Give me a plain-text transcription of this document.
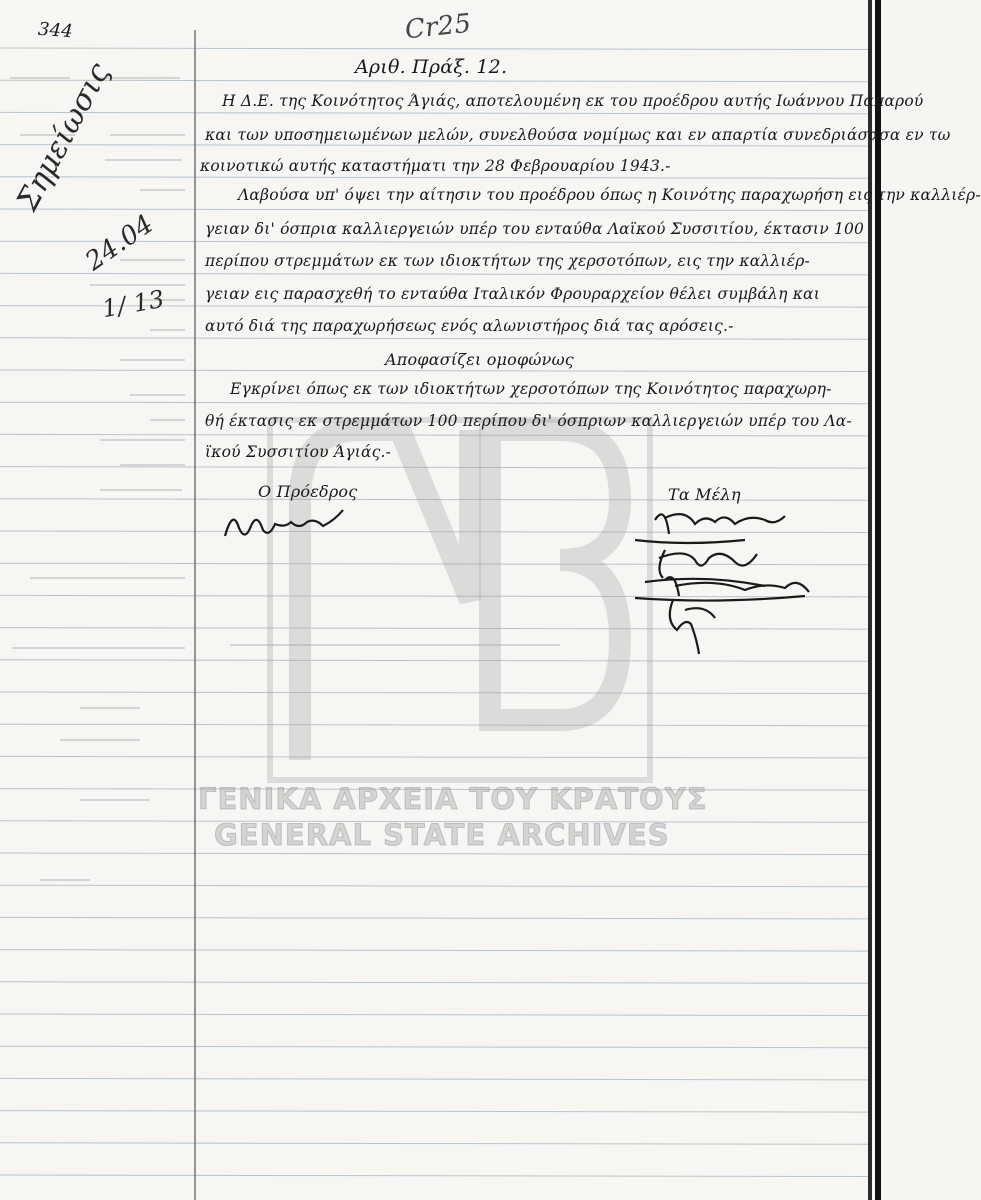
344	Cr25
Αριθ. Πράξ. 12.
Η Δ.Ε. της Κοινότητος Άγιάς, αποτελουμένη εκ του προέδρου αυτής Ιωάννου Παπαρού
και των υποσημειωμένων μελών, συνελθούσα νομίμως και εν απαρτία συνεδριάσασα εν τω
κοινοτικώ αυτής καταστήματι την 28 Φεβρουαρίου 1943.-
Λαβούσα υπ' όψει την αίτησιν του προέδρου όπως η Κοινότης παραχωρήση εις την καλλιέρ-
γειαν δι' όσπρια καλλιεργειών υπέρ του ενταύθα Λαϊκού Συσσιτίου, έκτασιν 100
περίπου στρεμμάτων εκ των ιδιοκτήτων της χερσοτόπων, εις την καλλιέρ-
γειαν εις παρασχεθή το ενταύθα Ιταλικόν Φρουραρχείον θέλει συμβάλη και
αυτό διά της παραχωρήσεως ενός αλωνιστήρος διά τας αρόσεις.-
Αποφασίζει ομοφώνως
Εγκρίνει όπως εκ των ιδιοκτήτων χερσοτόπων της Κοινότητος παραχωρη-
θή έκτασις εκ στρεμμάτων 100 περίπου δι' όσπριων καλλιεργειών υπέρ του Λα-
ϊκού Συσσιτίου Άγιάς.-
Ο Πρόεδρος	Τα Μέλη
Σημείωσις
24.04
1/ 13
ΓΕΝΙΚΑ ΑΡΧΕΙΑ ΤΟΥ ΚΡΑΤΟΥΣ
GENERAL STATE ARCHIVES
